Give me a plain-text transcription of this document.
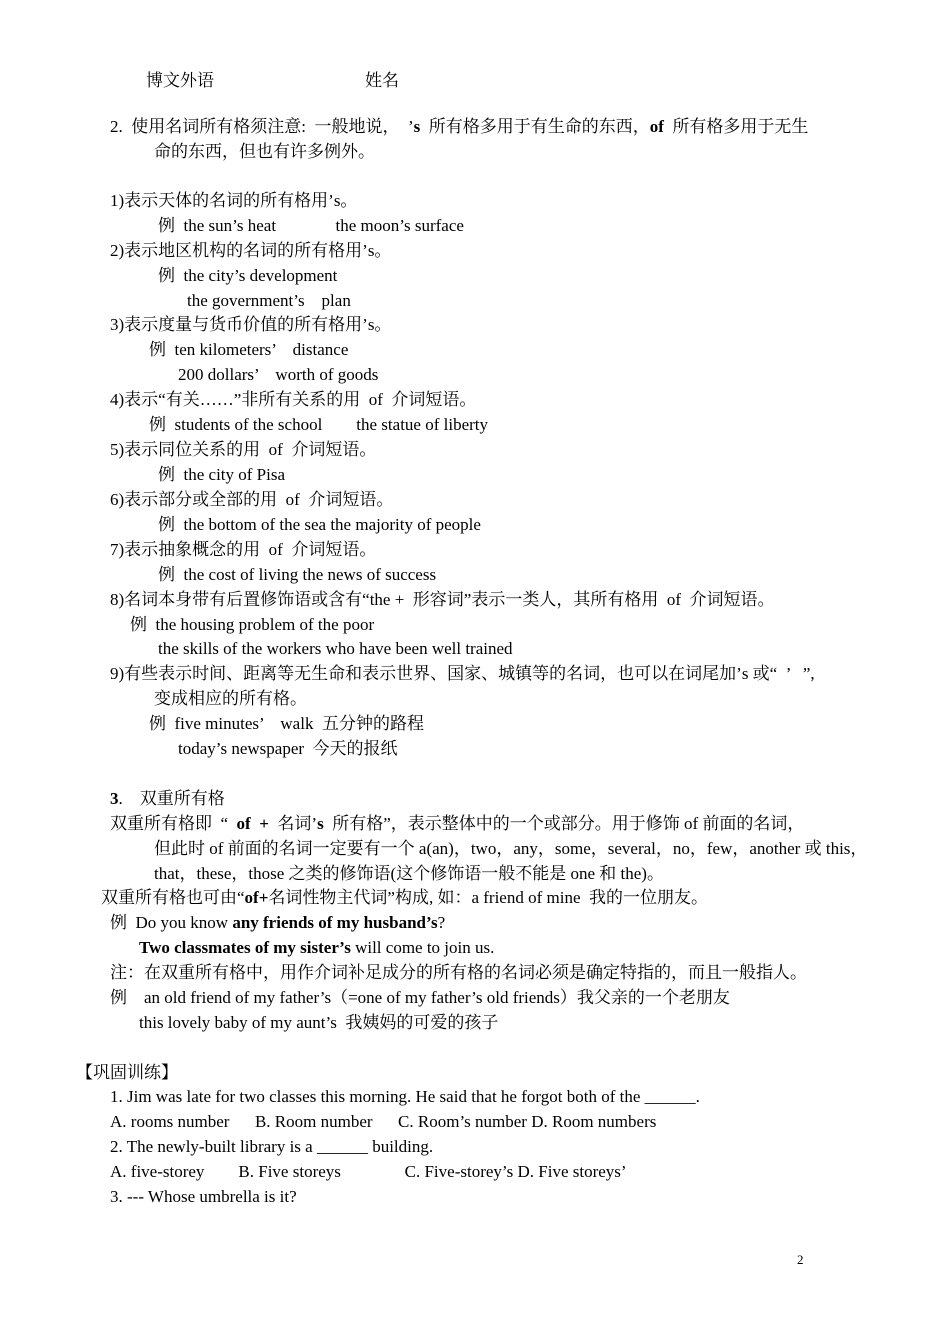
博文外语	姓名
2.  使用名词所有格须注意:  一般地说，  ’s  所有格多用于有生命的东西，of  所有格多用于无生
命的东西，但也有许多例外。
1)表示天体的名词的所有格用’s。
例  the sun’s heat              the moon’s surface
2)表示地区机构的名词的所有格用’s。
例  the city’s development
the government’s    plan
3)表示度量与货币价值的所有格用’s。
例  ten kilometers’    distance
200 dollars’    worth of goods
4)表示“有关……”非所有关系的用  of  介词短语。
例  students of the school        the statue of liberty
5)表示同位关系的用  of  介词短语。
例  the city of Pisa
6)表示部分或全部的用  of  介词短语。
例  the bottom of the sea the majority of people
7)表示抽象概念的用  of  介词短语。
例  the cost of living the news of success
8)名词本身带有后置修饰语或含有“the +  形容词”表示一类人，其所有格用  of  介词短语。
例  the housing problem of the poor
the skills of the workers who have been well trained
9)有些表示时间、距离等无生命和表示世界、国家、城镇等的名词，也可以在词尾加’s 或“  ’   ”,
变成相应的所有格。
例  five minutes’    walk  五分钟的路程
today’s newspaper  今天的报纸
3.    双重所有格
双重所有格即  “  of  +  名词’s  所有格”，表示整体中的一个或部分。用于修饰 of 前面的名词，
但此时 of 前面的名词一定要有一个 a(an)，two，any，some，several，no，few，another 或 this，
that，these，those 之类的修饰语(这个修饰语一般不能是 one 和 the)。
双重所有格也可由“of+名词性物主代词”构成, 如：a friend of mine  我的一位朋友。
例  Do you know any friends of my husband’s?
Two classmates of my sister’s will come to join us.
注：在双重所有格中，用作介词补足成分的所有格的名词必须是确定特指的，而且一般指人。
例    an old friend of my father’s（=one of my father’s old friends）我父亲的一个老朋友
this lovely baby of my aunt’s  我姨妈的可爱的孩子
【巩固训练】
1. Jim was late for two classes this morning. He said that he forgot both of the ______.
A. rooms number      B. Room number      C. Room’s number D. Room numbers
2. The newly-built library is a ______ building.
A. five-storey        B. Five storeys               C. Five-storey’s D. Five storeys’
3. --- Whose umbrella is it?
2
